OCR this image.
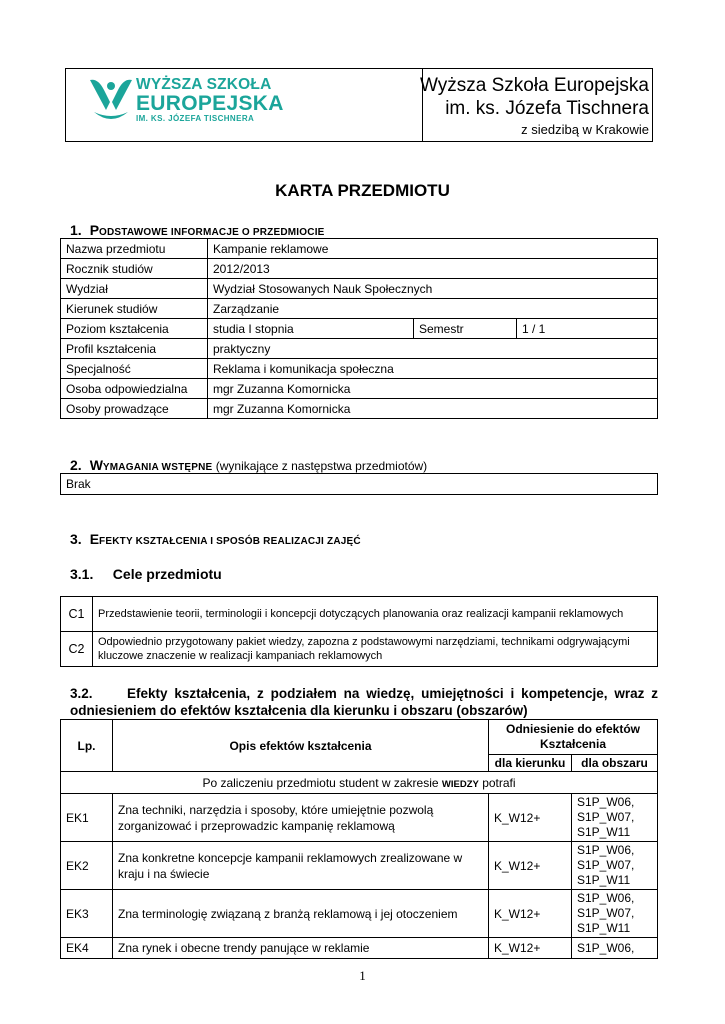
WYŻSZA SZKOŁA
EUROPEJSKA
IM. KS. JÓZEFA TISCHNERA
Wyższa Szkoła Europejska
im. ks. Józefa Tischnera
z siedzibą w Krakowie
KARTA PRZEDMIOTU
1. PODSTAWOWE INFORMACJE O PRZEDMIOCIE
Nazwa przedmiotu	Kampanie reklamowe		
Rocznik studiów	2012/2013		
Wydział	Wydział Stosowanych Nauk Społecznych		
Kierunek studiów	Zarządzanie		
Poziom kształcenia	studia I stopnia	Semestr	1 / 1
Profil kształcenia	praktyczny		
Specjalność	Reklama i komunikacja społeczna		
Osoba odpowiedzialna	mgr Zuzanna Komornicka		
Osoby prowadzące	mgr Zuzanna Komornicka		
2. WYMAGANIA WSTĘPNE (wynikające z następstwa przedmiotów)
Brak
3. EFEKTY KSZTAŁCENIA I SPOSÓB REALIZACJI ZAJĘĆ
3.1.     Cele przedmiotu
C1	Przedstawienie teorii, terminologii i koncepcji dotyczących planowania oraz realizacji kampanii reklamowych
C2	Odpowiednio przygotowany pakiet wiedzy, zapozna z podstawowymi narzędziami, technikami odgrywającymi kluczowe znaczenie w realizacji kampaniach reklamowych
3.2.     Efekty kształcenia, z podziałem na wiedzę, umiejętności i kompetencje, wraz z odniesieniem do efektów kształcenia dla kierunku i obszaru (obszarów)
Lp.	Opis efektów kształcenia	Odniesienie do efektów Kształcenia	
		dla kierunku	dla obszaru
Po zaliczeniu przedmiotu student w zakresie WIEDZY potrafi			
EK1	Zna techniki, narzędzia i sposoby, które umiejętnie pozwolą zorganizować i przeprowadzic kampanię reklamową	K_W12+	S1P_W06,
S1P_W07,
S1P_W11

EK2	Zna konkretne koncepcje kampanii reklamowych zrealizowane w kraju i na świecie	K_W12+	S1P_W06,
S1P_W07,
S1P_W11

EK3	Zna terminologię związaną z branżą reklamową i jej otoczeniem	K_W12+	S1P_W06,
S1P_W07,
S1P_W11

EK4	Zna rynek i obecne trendy panujące w reklamie	K_W12+	S1P_W06,
1
